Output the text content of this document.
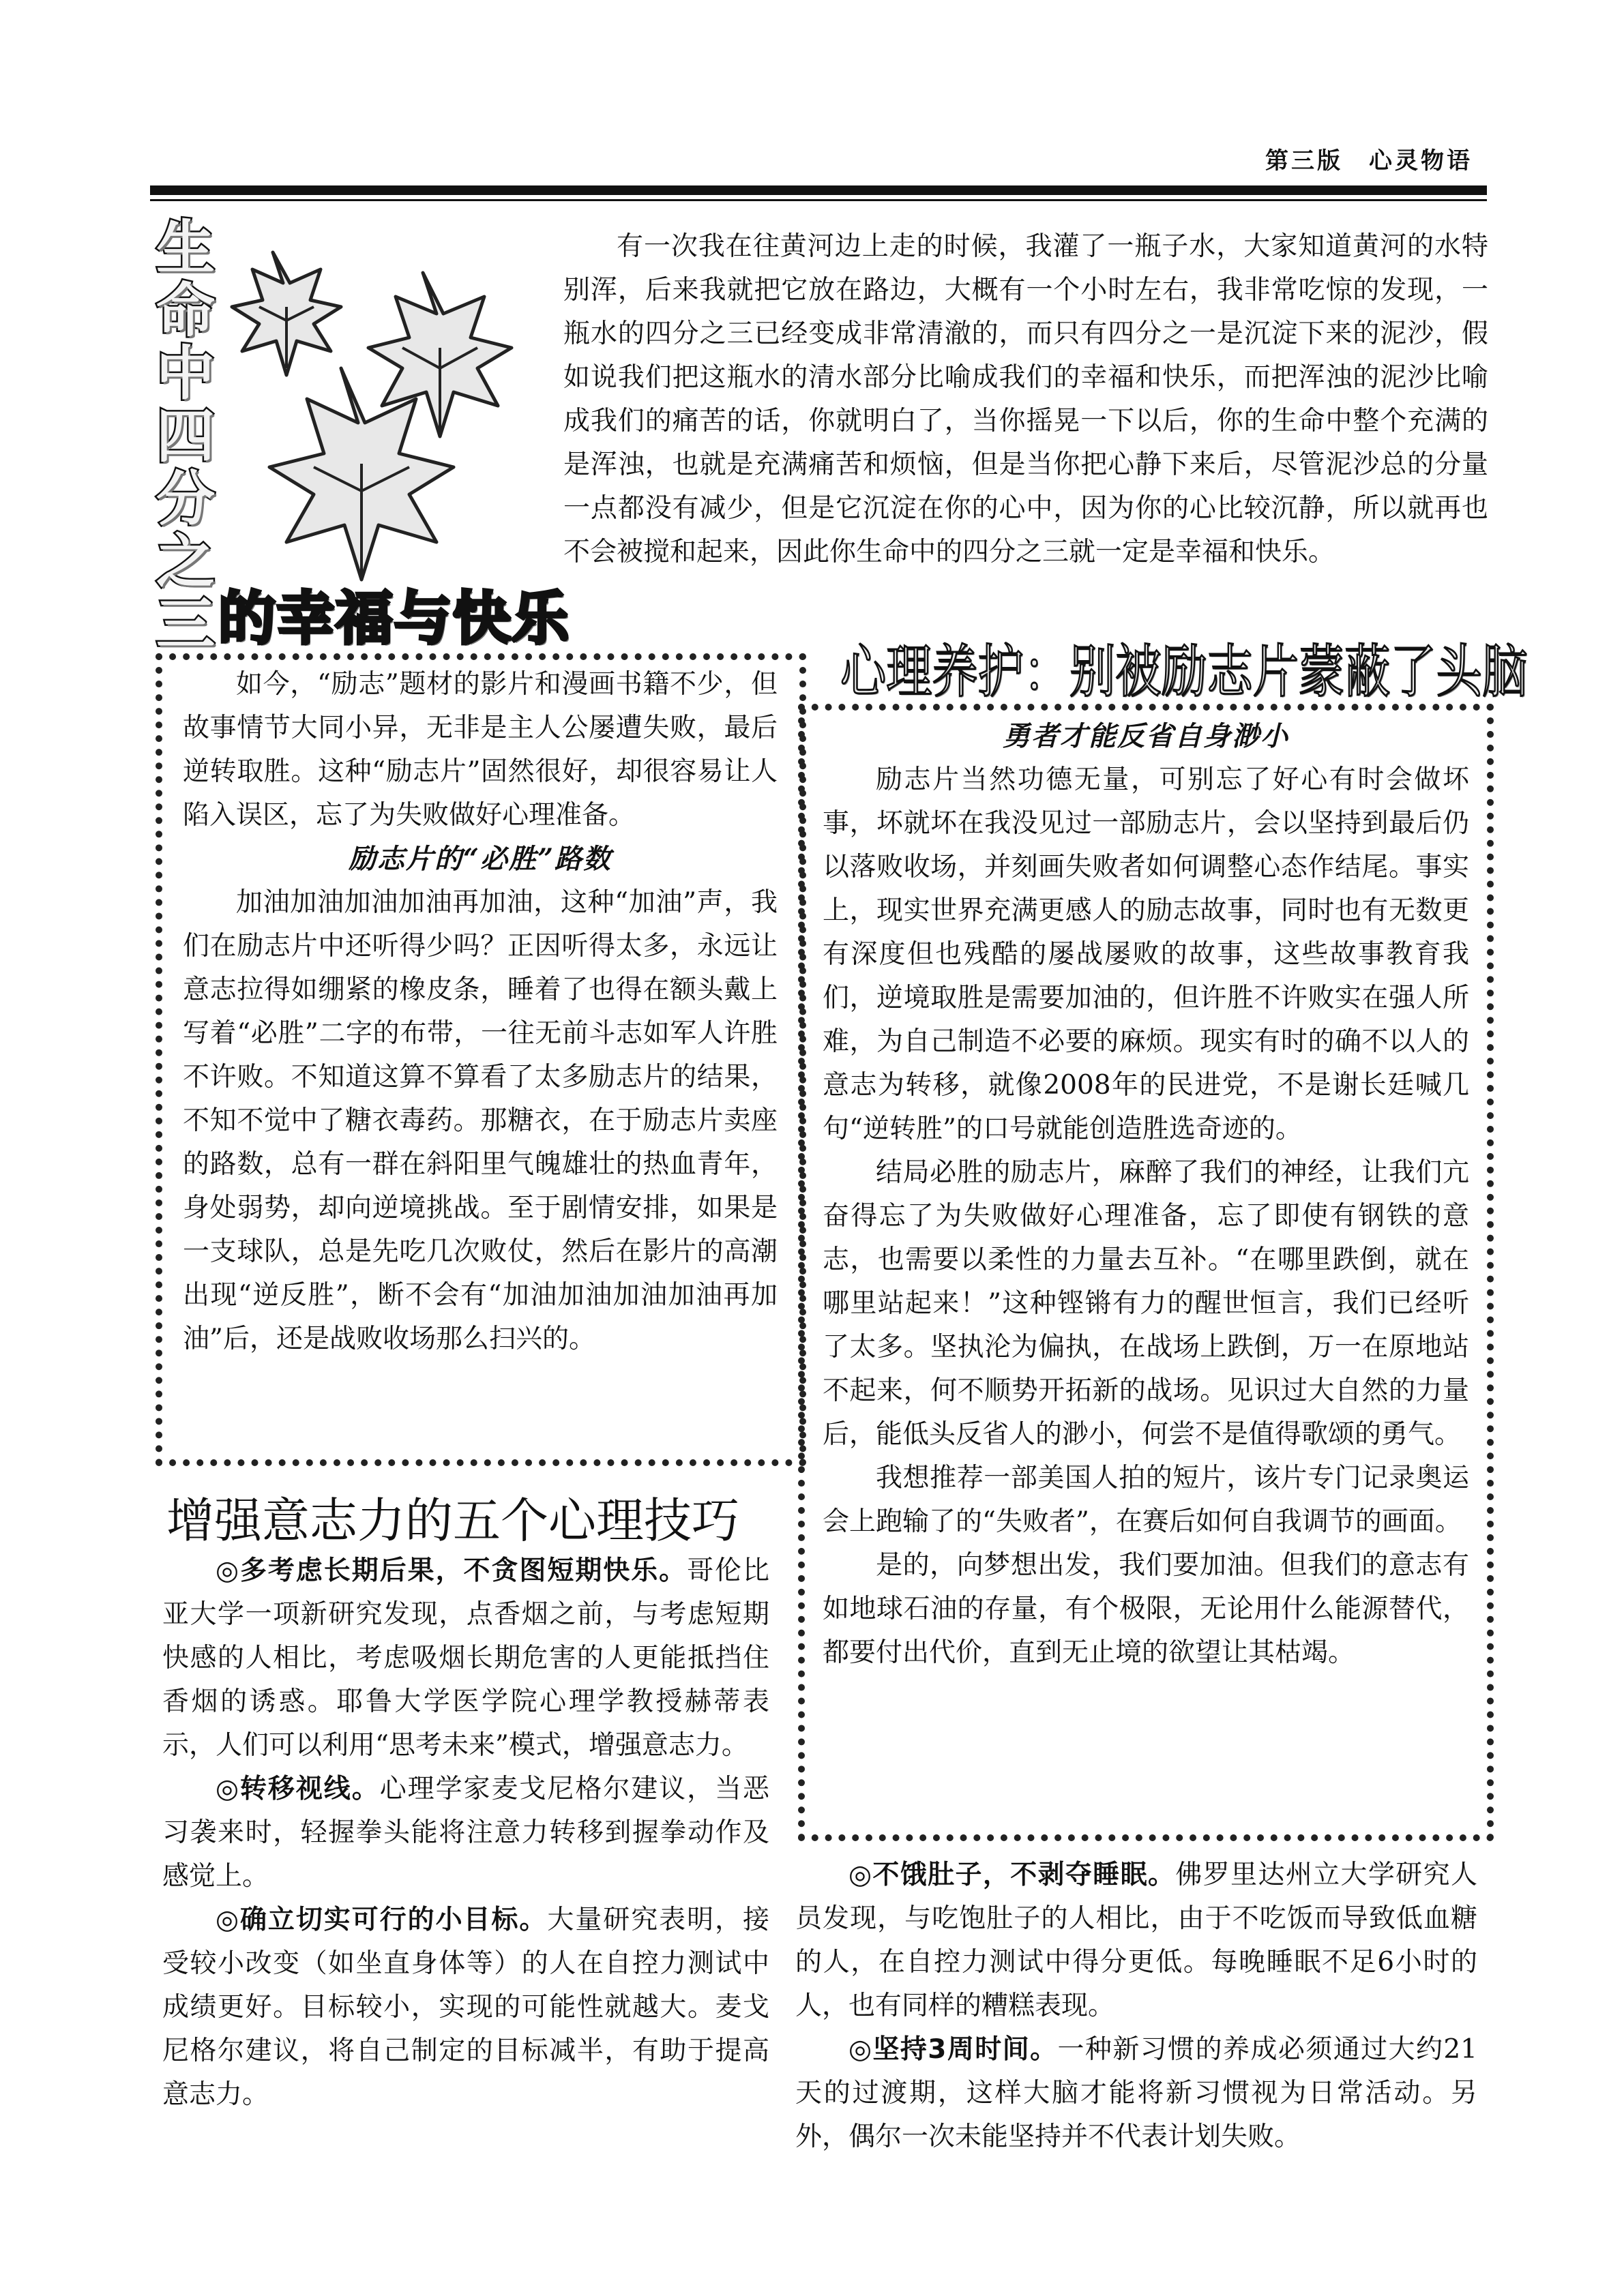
第三版　心灵物语
生
命
中
四
分
之
三 的幸福与快乐
有一次我在往黄河边上走的时候，我灌了一瓶子水，大家知道黄河的水特别浑，后来我就把它放在路边，大概有一个小时左右，我非常吃惊的发现，一瓶水的四分之三已经变成非常清澈的，而只有四分之一是沉淀下来的泥沙，假如说我们把这瓶水的清水部分比喻成我们的幸福和快乐，而把浑浊的泥沙比喻成我们的痛苦的话，你就明白了，当你摇晃一下以后，你的生命中整个充满的是浑浊，也就是充满痛苦和烦恼，但是当你把心静下来后，尽管泥沙总的分量一点都没有减少，但是它沉淀在你的心中，因为你的心比较沉静，所以就再也不会被搅和起来，因此你生命中的四分之三就一定是幸福和快乐。
如今，“励志”题材的影片和漫画书籍不少，但故事情节大同小异，无非是主人公屡遭失败，最后逆转取胜。这种“励志片”固然很好，却很容易让人陷入误区，忘了为失败做好心理准备。
励志片的“必胜”路数
加油加油加油加油再加油，这种“加油”声，我们在励志片中还听得少吗？正因听得太多，永远让意志拉得如绷紧的橡皮条，睡着了也得在额头戴上写着“必胜”二字的布带，一往无前斗志如军人许胜不许败。不知道这算不算看了太多励志片的结果，不知不觉中了糖衣毒药。那糖衣，在于励志片卖座的路数，总有一群在斜阳里气魄雄壮的热血青年，身处弱势，却向逆境挑战。至于剧情安排，如果是一支球队，总是先吃几次败仗，然后在影片的高潮出现“逆反胜”，断不会有“加油加油加油加油再加油”后，还是战败收场那么扫兴的。
心理养护：别被励志片蒙蔽了头脑
勇者才能反省自身渺小
励志片当然功德无量，可别忘了好心有时会做坏事，坏就坏在我没见过一部励志片，会以坚持到最后仍以落败收场，并刻画失败者如何调整心态作结尾。事实上，现实世界充满更感人的励志故事，同时也有无数更有深度但也残酷的屡战屡败的故事，这些故事教育我们，逆境取胜是需要加油的，但许胜不许败实在强人所难，为自己制造不必要的麻烦。现实有时的确不以人的意志为转移，就像2008年的民进党，不是谢长廷喊几句“逆转胜”的口号就能创造胜选奇迹的。
结局必胜的励志片，麻醉了我们的神经，让我们亢奋得忘了为失败做好心理准备，忘了即使有钢铁的意志，也需要以柔性的力量去互补。“在哪里跌倒，就在哪里站起来！”这种铿锵有力的醒世恒言，我们已经听了太多。坚执沦为偏执，在战场上跌倒，万一在原地站不起来，何不顺势开拓新的战场。见识过大自然的力量后，能低头反省人的渺小，何尝不是值得歌颂的勇气。
我想推荐一部美国人拍的短片，该片专门记录奥运会上跑输了的“失败者”，在赛后如何自我调节的画面。
是的，向梦想出发，我们要加油。但我们的意志有如地球石油的存量，有个极限，无论用什么能源替代，都要付出代价，直到无止境的欲望让其枯竭。
增强意志力的五个心理技巧
◎多考虑长期后果，不贪图短期快乐。哥伦比亚大学一项新研究发现，点香烟之前，与考虑短期快感的人相比，考虑吸烟长期危害的人更能抵挡住香烟的诱惑。耶鲁大学医学院心理学教授赫蒂表示，人们可以利用“思考未来”模式，增强意志力。
◎转移视线。心理学家麦戈尼格尔建议，当恶习袭来时，轻握拳头能将注意力转移到握拳动作及感觉上。
◎确立切实可行的小目标。大量研究表明，接受较小改变（如坐直身体等）的人在自控力测试中成绩更好。目标较小，实现的可能性就越大。麦戈尼格尔建议，将自己制定的目标减半，有助于提高意志力。
◎不饿肚子，不剥夺睡眠。佛罗里达州立大学研究人员发现，与吃饱肚子的人相比，由于不吃饭而导致低血糖的人，在自控力测试中得分更低。每晚睡眠不足6小时的人，也有同样的糟糕表现。
◎坚持3周时间。一种新习惯的养成必须通过大约21天的过渡期，这样大脑才能将新习惯视为日常活动。另外，偶尔一次未能坚持并不代表计划失败。
